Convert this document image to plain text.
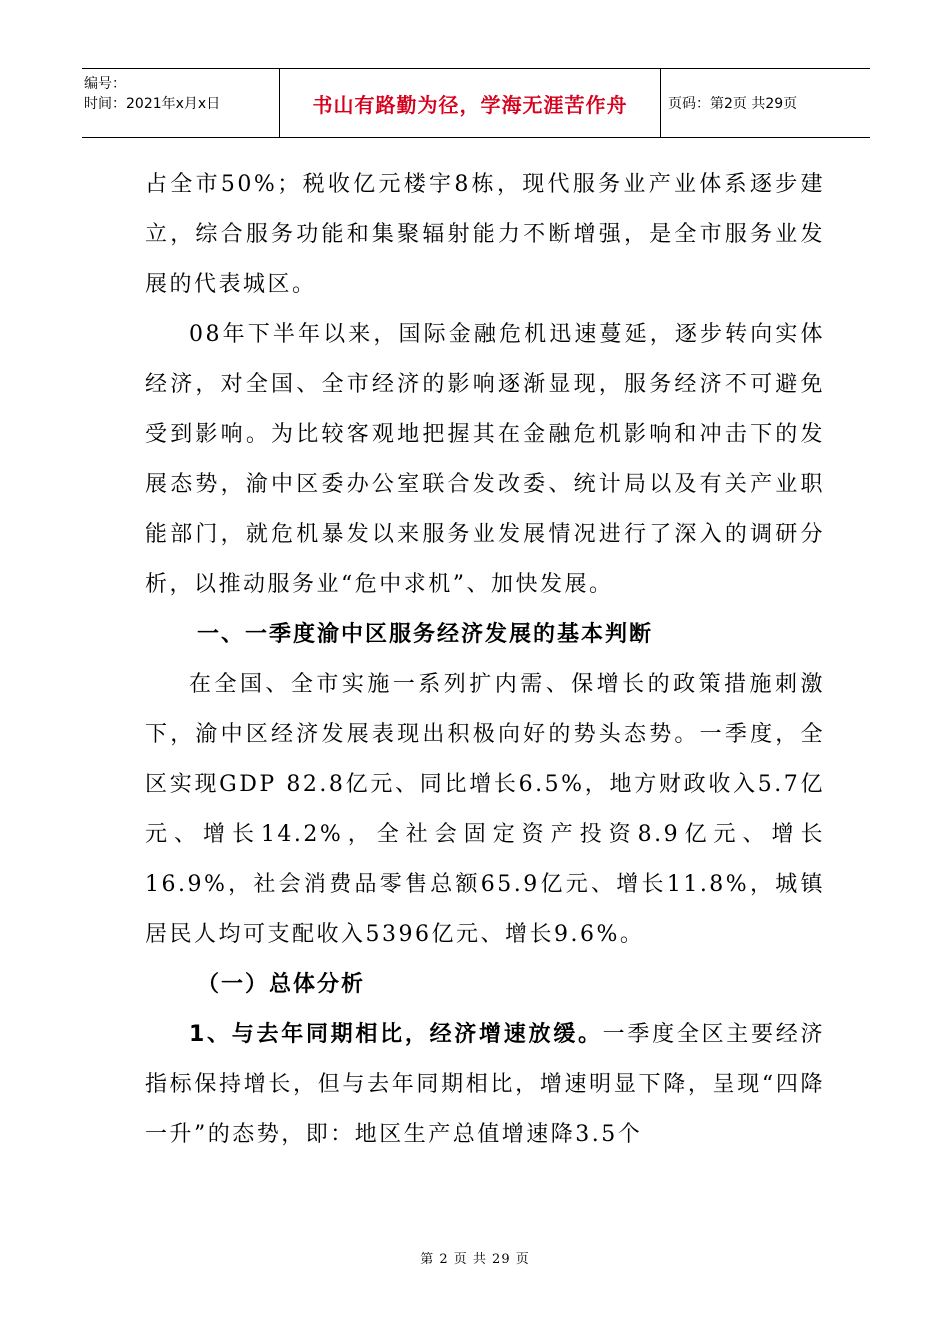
编号：
时间：2021年x月x日	书山有路勤为径，学海无涯苦作舟	页码：第2页 共29页

占全市50%；税收亿元楼宇8栋，现代服务业产业体系逐步建立，综合服务功能和集聚辐射能力不断增强，是全市服务业发展的代表城区。

08年下半年以来，国际金融危机迅速蔓延，逐步转向实体经济，对全国、全市经济的影响逐渐显现，服务经济不可避免受到影响。为比较客观地把握其在金融危机影响和冲击下的发展态势，渝中区委办公室联合发改委、统计局以及有关产业职能部门，就危机暴发以来服务业发展情况进行了深入的调研分析，以推动服务业“危中求机”、加快发展。

一、一季度渝中区服务经济发展的基本判断

在全国、全市实施一系列扩内需、保增长的政策措施刺激下，渝中区经济发展表现出积极向好的势头态势。一季度，全区实现GDP 82.8亿元、同比增长6.5%，地方财政收入5.7亿元、增长14.2%，全社会固定资产投资8.9亿元、增长16.9%，社会消费品零售总额65.9亿元、增长11.8%，城镇居民人均可支配收入5396亿元、增长9.6%。

（一）总体分析

1、与去年同期相比，经济增速放缓。一季度全区主要经济指标保持增长，但与去年同期相比，增速明显下降，呈现“四降一升”的态势，即：地区生产总值增速降3.5个

第 2 页 共 29 页
